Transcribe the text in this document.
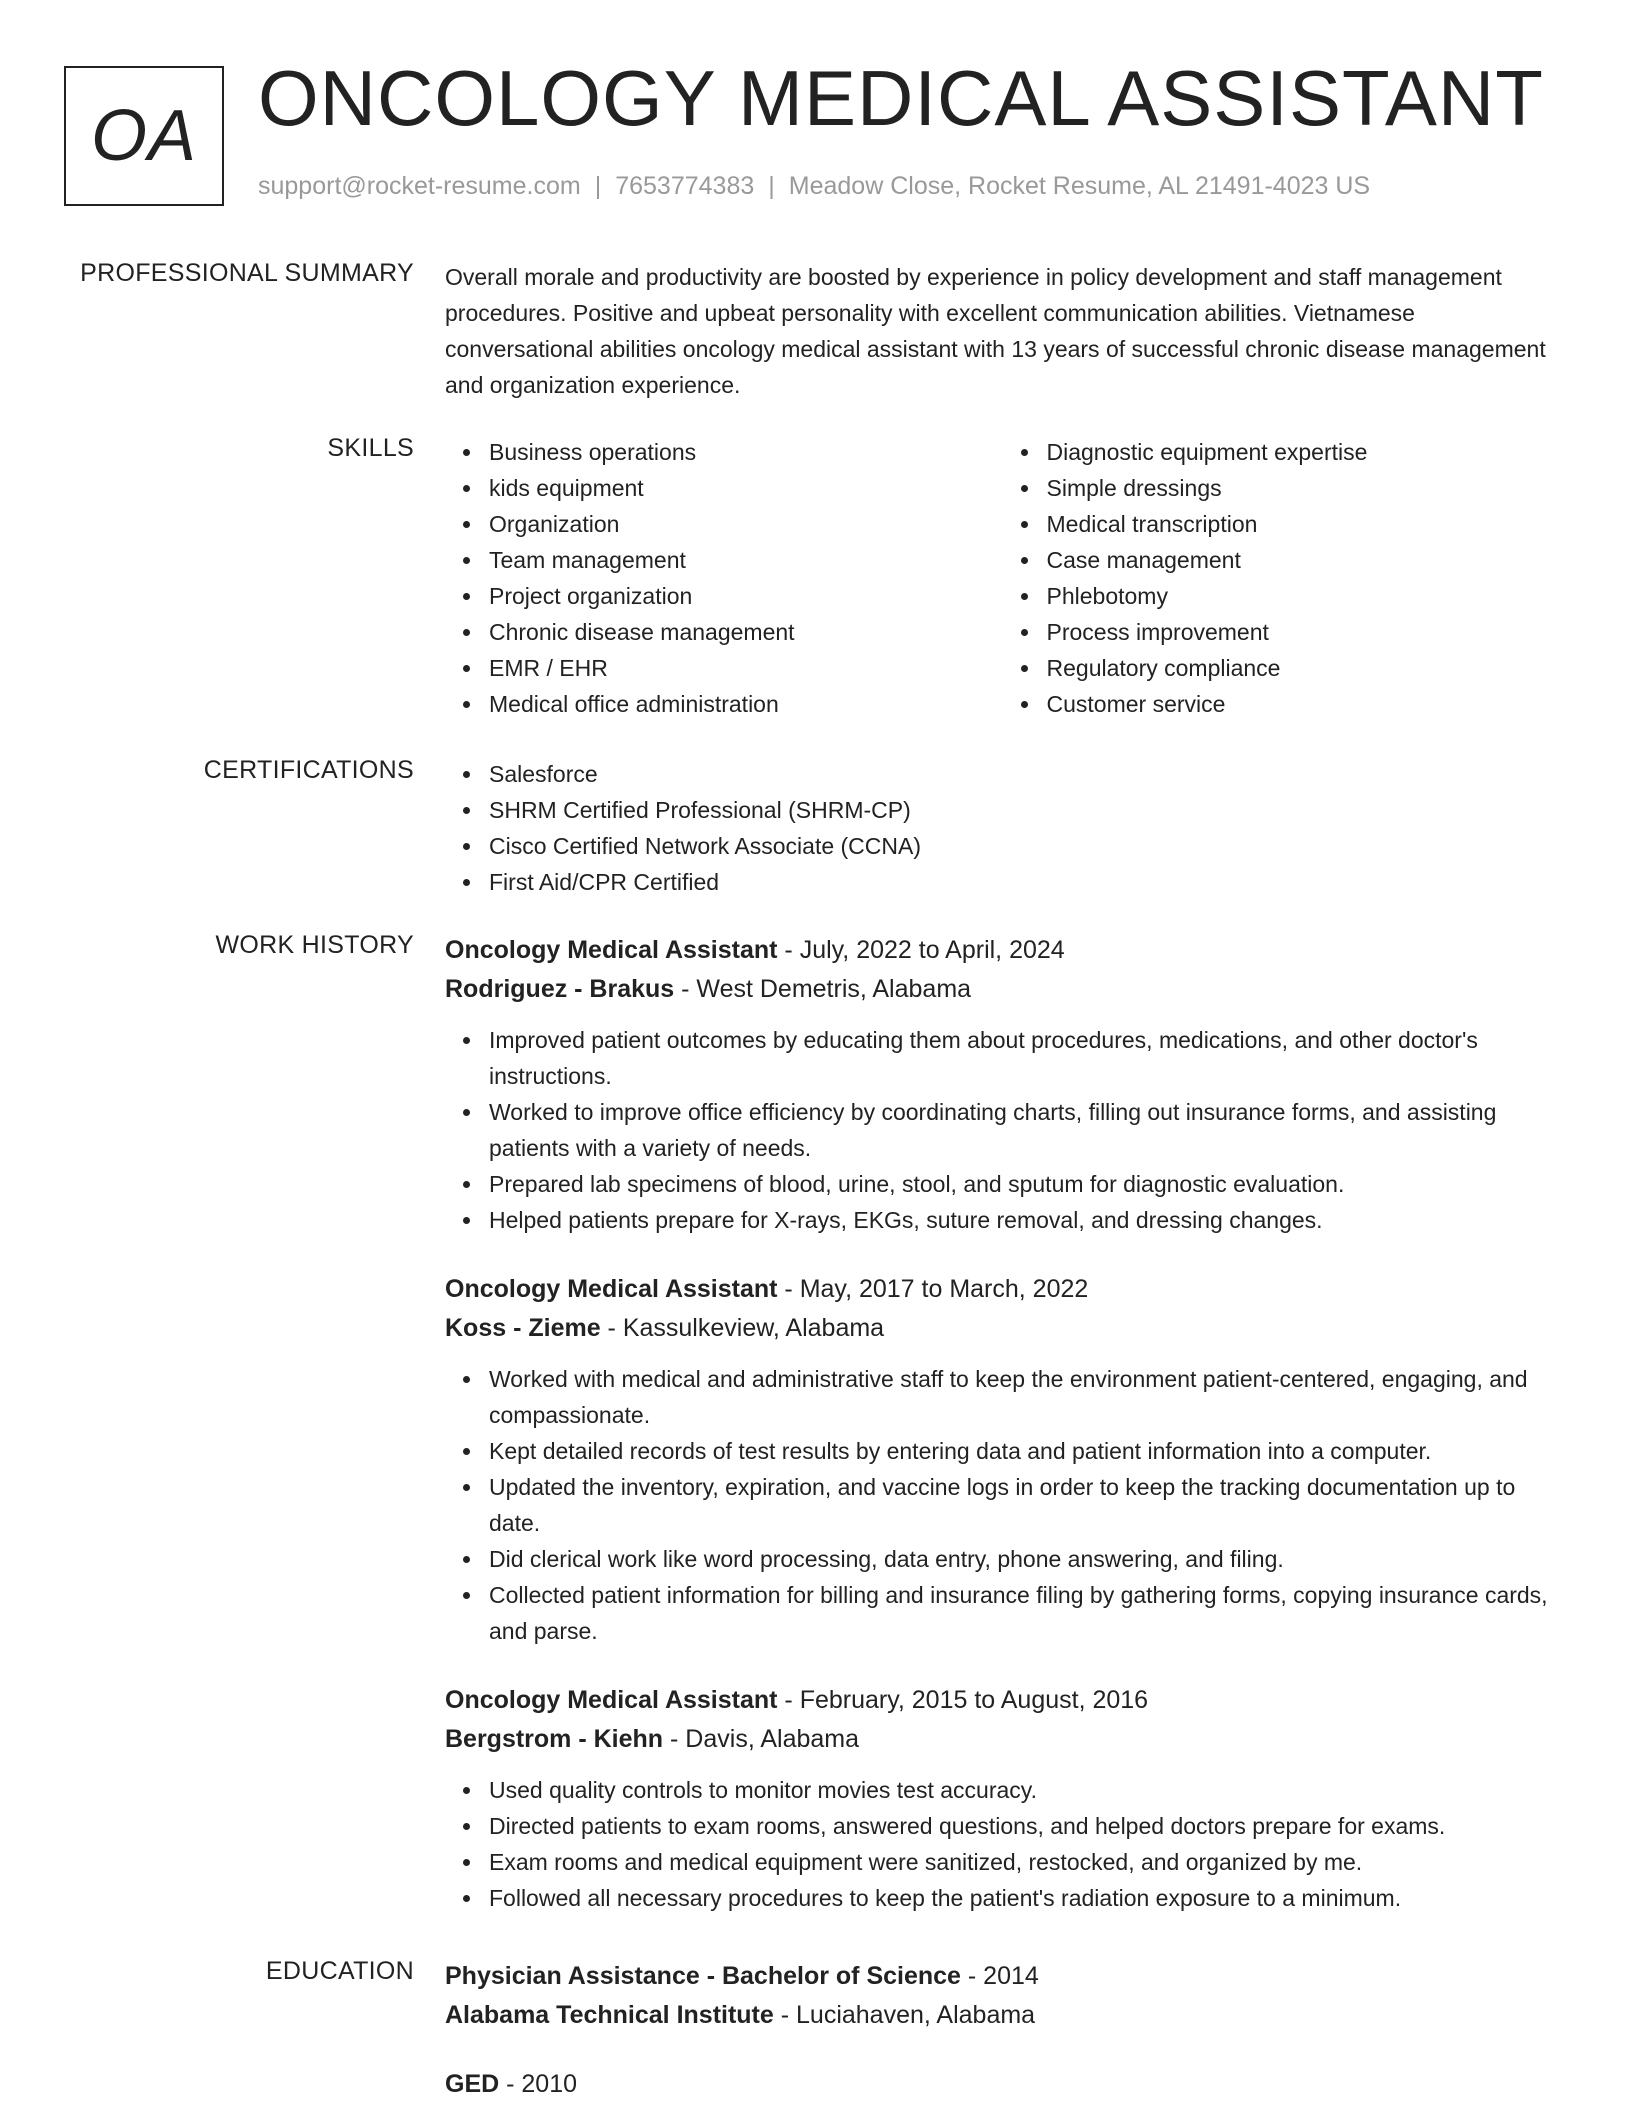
OA ONCOLOGY MEDICAL ASSISTANT
support@rocket-resume.com | 7653774383 | Meadow Close, Rocket Resume, AL 21491-4023 US
PROFESSIONAL SUMMARY Overall morale and productivity are boosted by experience in policy development and staff management procedures. Positive and upbeat personality with excellent communication abilities. Vietnamese conversational abilities oncology medical assistant with 13 years of successful chronic disease management and organization experience.

SKILLS	Business operations
kids equipment
Organization
Team management
Project organization
Chronic disease management
EMR / EHR
Medical office administration
Diagnostic equipment expertise
Simple dressings
Medical transcription
Case management
Phlebotomy
Process improvement
Regulatory compliance
Customer service
CERTIFICATIONS	Salesforce
SHRM Certified Professional (SHRM-CP)
Cisco Certified Network Associate (CCNA)
First Aid/CPR Certified
WORK HISTORY Oncology Medical Assistant - July, 2022 to April, 2024
Rodriguez - Brakus - West Demetris, Alabama
Improved patient outcomes by educating them about procedures, medications, and other doctor's instructions.
Worked to improve office efficiency by coordinating charts, filling out insurance forms, and assisting patients with a variety of needs.
Prepared lab specimens of blood, urine, stool, and sputum for diagnostic evaluation.
Helped patients prepare for X-rays, EKGs, suture removal, and dressing changes.
Oncology Medical Assistant - May, 2017 to March, 2022
Koss - Zieme - Kassulkeview, Alabama
Worked with medical and administrative staff to keep the environment patient-centered, engaging, and compassionate.
Kept detailed records of test results by entering data and patient information into a computer.
Updated the inventory, expiration, and vaccine logs in order to keep the tracking documentation up to date.
Did clerical work like word processing, data entry, phone answering, and filing.
Collected patient information for billing and insurance filing by gathering forms, copying insurance cards, and parse.
Oncology Medical Assistant - February, 2015 to August, 2016
Bergstrom - Kiehn - Davis, Alabama
Used quality controls to monitor movies test accuracy.
Directed patients to exam rooms, answered questions, and helped doctors prepare for exams.
Exam rooms and medical equipment were sanitized, restocked, and organized by me.
Followed all necessary procedures to keep the patient's radiation exposure to a minimum.
EDUCATION Physician Assistance - Bachelor of Science - 2014
Alabama Technical Institute - Luciahaven, Alabama
GED - 2010
